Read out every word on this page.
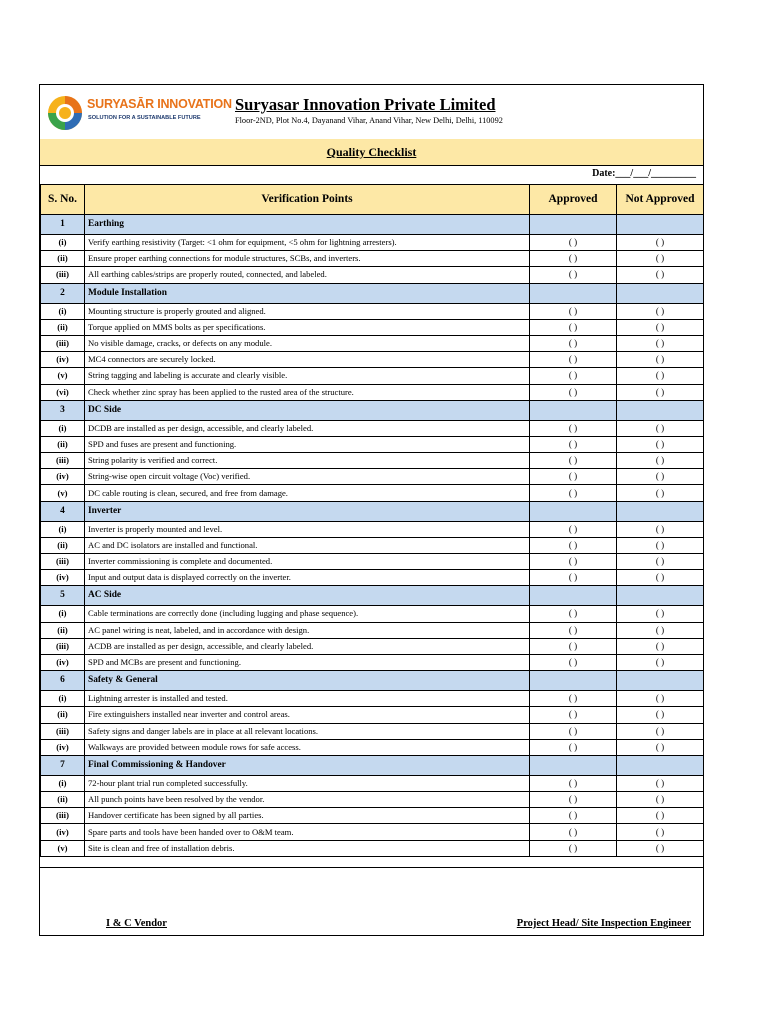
SURYASĀR INNOVATION
SOLUTION FOR A SUSTAINABLE FUTURE
Suryasar Innovation Private Limited
Floor-2ND, Plot No.4, Dayanand Vihar, Anand Vihar, New Delhi, Delhi, 110092
Quality Checklist
Date:___/___/_________
S. No.	Verification Points	Approved	Not Approved
1	Earthing		
(i)	Verify earthing resistivity (Target: <1 ohm for equipment, <5 ohm for lightning arresters).	( )	( )
(ii)	Ensure proper earthing connections for module structures, SCBs, and inverters.	( )	( )
(iii)	All earthing cables/strips are properly routed, connected, and labeled.	( )	( )
2	Module Installation		
(i)	Mounting structure is properly grouted and aligned.	( )	( )
(ii)	Torque applied on MMS bolts as per specifications.	( )	( )
(iii)	No visible damage, cracks, or defects on any module.	( )	( )
(iv)	MC4 connectors are securely locked.	( )	( )
(v)	String tagging and labeling is accurate and clearly visible.	( )	( )
(vi)	Check whether zinc spray has been applied to the rusted area of the structure.	( )	( )
3	DC Side		
(i)	DCDB are installed as per design, accessible, and clearly labeled.	( )	( )
(ii)	SPD and fuses are present and functioning.	( )	( )
(iii)	String polarity is verified and correct.	( )	( )
(iv)	String-wise open circuit voltage (Voc) verified.	( )	( )
(v)	DC cable routing is clean, secured, and free from damage.	( )	( )
4	Inverter		
(i)	Inverter is properly mounted and level.	( )	( )
(ii)	AC and DC isolators are installed and functional.	( )	( )
(iii)	Inverter commissioning is complete and documented.	( )	( )
(iv)	Input and output data is displayed correctly on the inverter.	( )	( )
5	AC Side		
(i)	Cable terminations are correctly done (including lugging and phase sequence).	( )	( )
(ii)	AC panel wiring is neat, labeled, and in accordance with design.	( )	( )
(iii)	ACDB are installed as per design, accessible, and clearly labeled.	( )	( )
(iv)	SPD and MCBs are present and functioning.	( )	( )
6	Safety & General		
(i)	Lightning arrester is installed and tested.	( )	( )
(ii)	Fire extinguishers installed near inverter and control areas.	( )	( )
(iii)	Safety signs and danger labels are in place at all relevant locations.	( )	( )
(iv)	Walkways are provided between module rows for safe access.	( )	( )
7	Final Commissioning & Handover		
(i)	72-hour plant trial run completed successfully.	( )	( )
(ii)	All punch points have been resolved by the vendor.	( )	( )
(iii)	Handover certificate has been signed by all parties.	( )	( )
(iv)	Spare parts and tools have been handed over to O&M team.	( )	( )
(v)	Site is clean and free of installation debris.	( )	( )
I & C Vendor	Project Head/ Site Inspection Engineer
